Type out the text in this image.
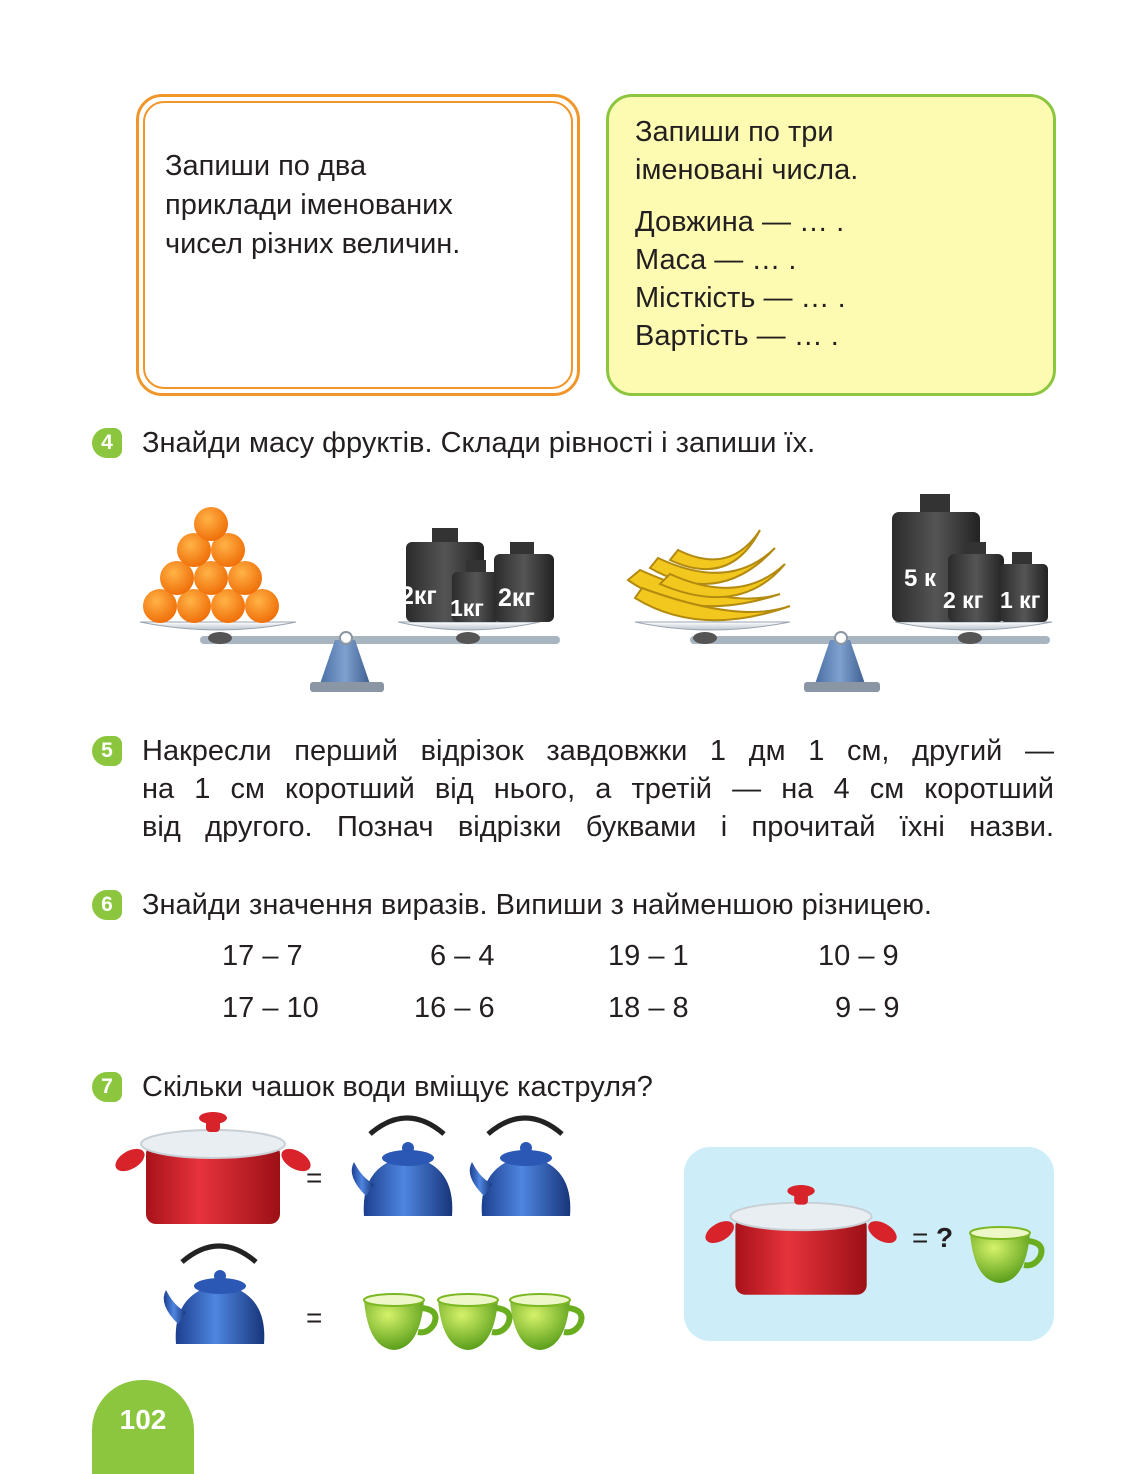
Запиши по два
приклади іменованих
чисел різних величин.
Запиши по три
іменовані числа.
Довжина — … .
Маса — … .
Місткість — … .
Вартість — … .
4	Знайди масу фруктів. Склади рівності і запиши їх.
2кг 1кг 2кг
5 к
2 кг 1 кг
5	Накресли перший відрізок завдовжки 1 дм 1 см, другий —
на 1 см коротший від нього, а третій — на 4 см коротший
від другого. Познач відрізки буквами і прочитай їхні назви.
6	Знайди значення виразів. Випиши з найменшою різницею.
17 – 7	6 – 4	19 – 1	10 – 9
17 – 10	16 – 6	18 – 8	9 – 9
7	Скільки чашок води вміщує каструля?
=
=
= ?
102
